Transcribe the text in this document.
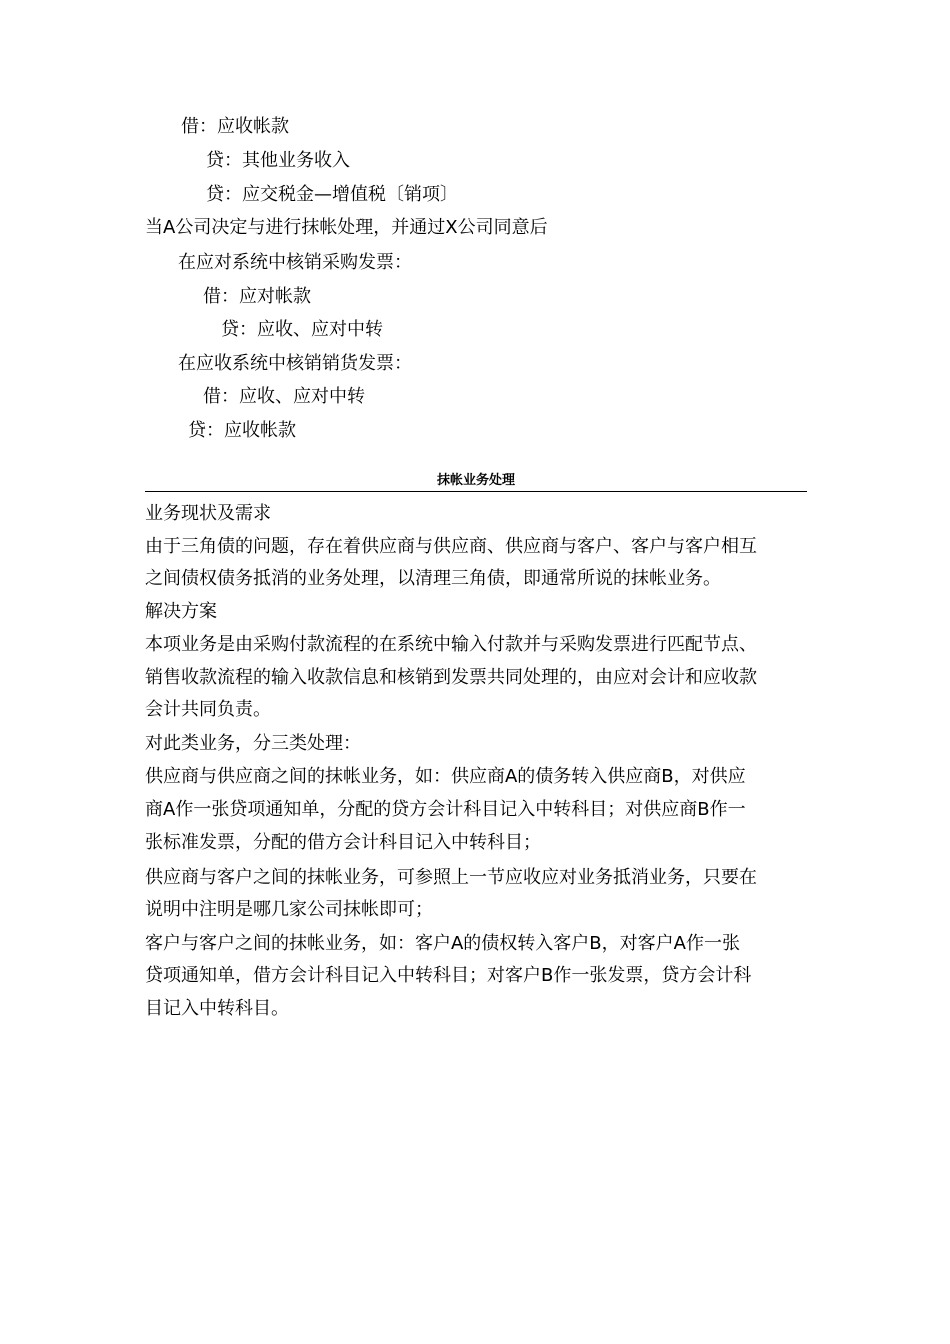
借：应收帐款
贷：其他业务收入
贷：应交税金—增值税〔销项〕
当A公司决定与进行抹帐处理，并通过X公司同意后
在应对系统中核销采购发票：
借：应对帐款
贷：应收、应对中转
在应收系统中核销销货发票：
借：应收、应对中转
贷：应收帐款
抹帐业务处理
业务现状及需求
由于三角债的问题，存在着供应商与供应商、供应商与客户、客户与客户相互
之间债权债务抵消的业务处理，以清理三角债，即通常所说的抹帐业务。
解决方案
本项业务是由采购付款流程的在系统中输入付款并与采购发票进行匹配节点、
销售收款流程的输入收款信息和核销到发票共同处理的，由应对会计和应收款
会计共同负责。
对此类业务，分三类处理：
供应商与供应商之间的抹帐业务，如：供应商A的债务转入供应商B，对供应
商A作一张贷项通知单，分配的贷方会计科目记入中转科目；对供应商B作一
张标准发票，分配的借方会计科目记入中转科目；
供应商与客户之间的抹帐业务，可参照上一节应收应对业务抵消业务，只要在
说明中注明是哪几家公司抹帐即可；
客户与客户之间的抹帐业务，如：客户A的债权转入客户B，对客户A作一张
贷项通知单，借方会计科目记入中转科目；对客户B作一张发票，贷方会计科
目记入中转科目。
